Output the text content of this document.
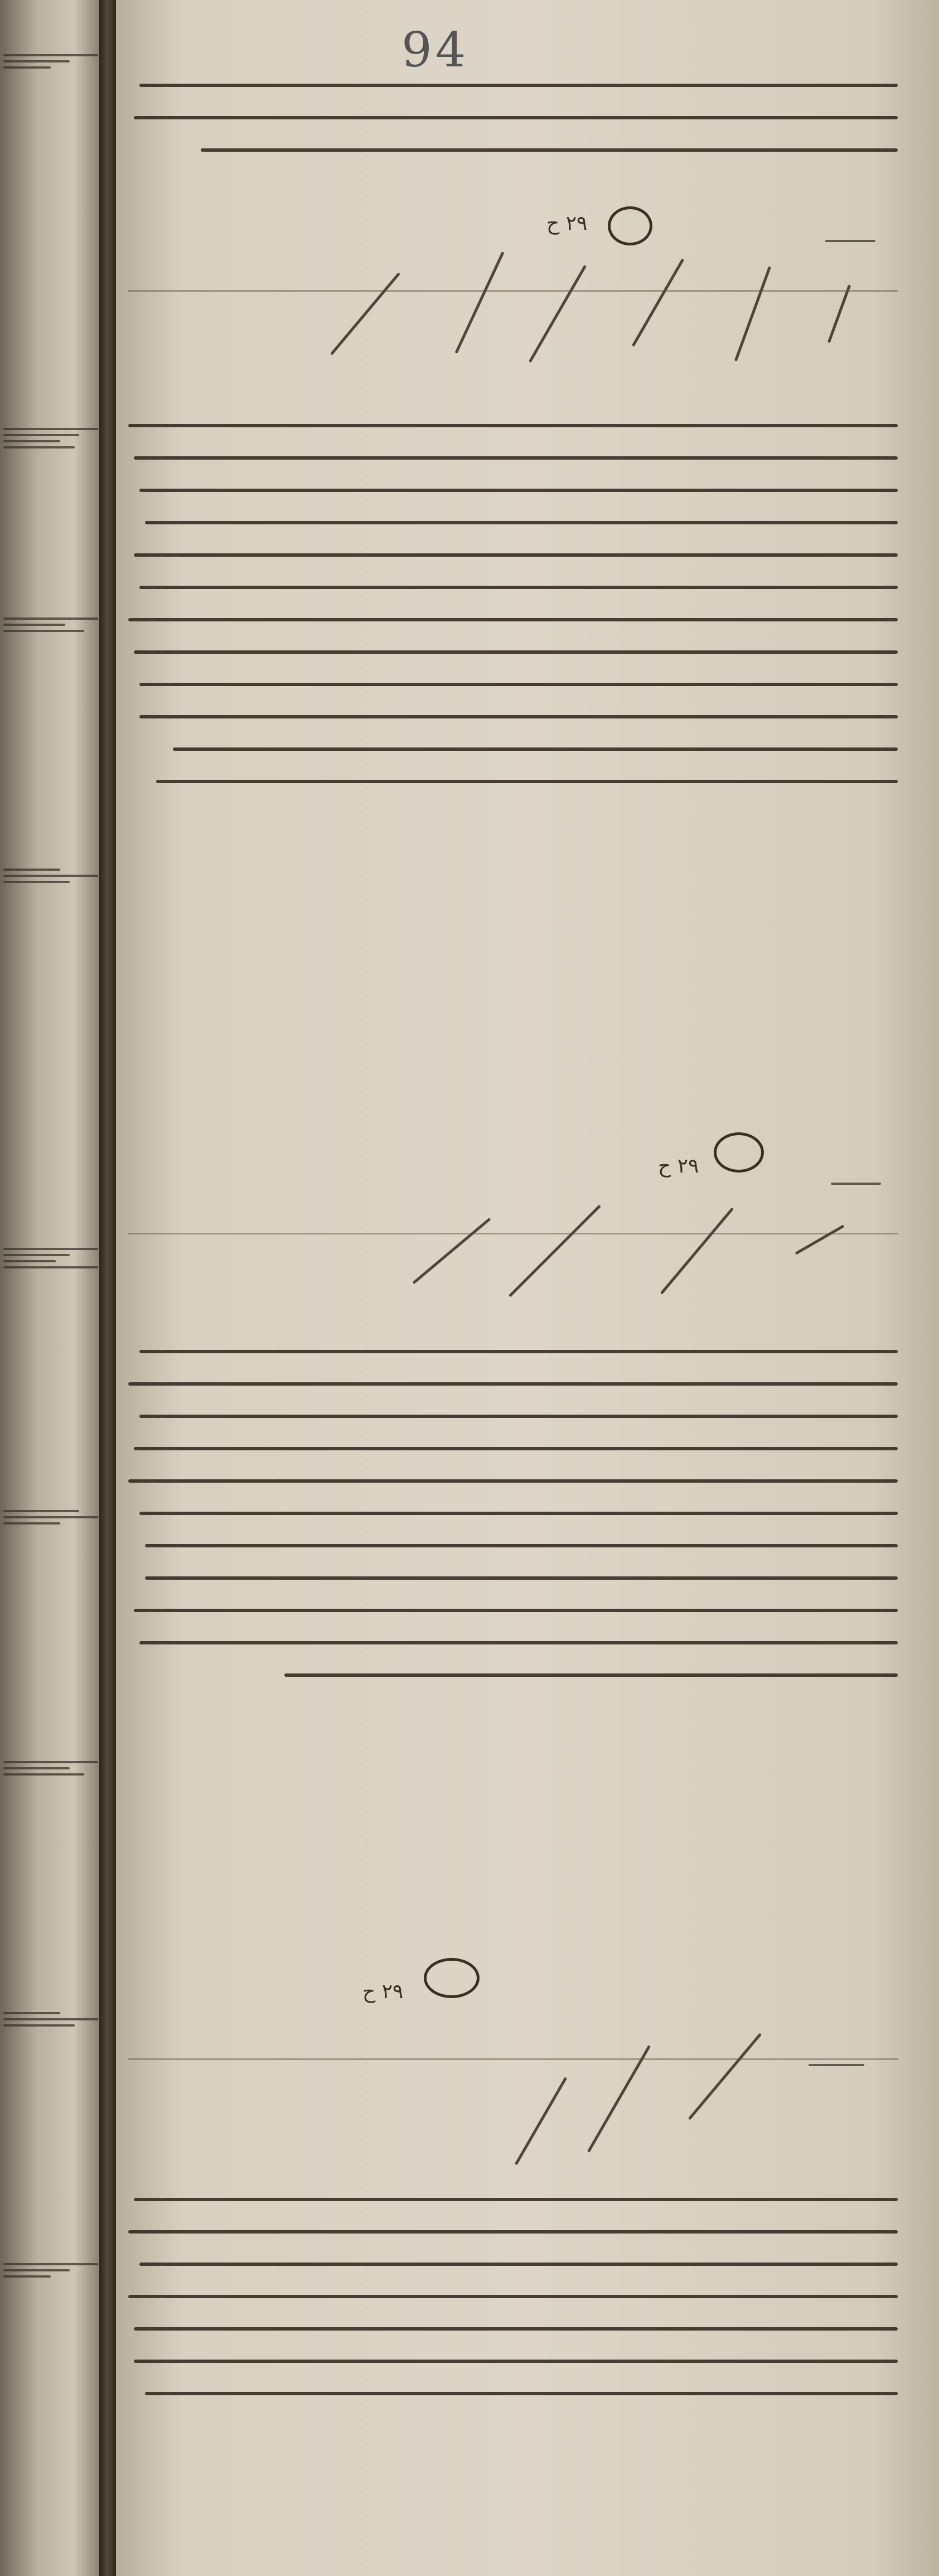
94
٢٩ ح
٢٩ ح
٢٩ ح
